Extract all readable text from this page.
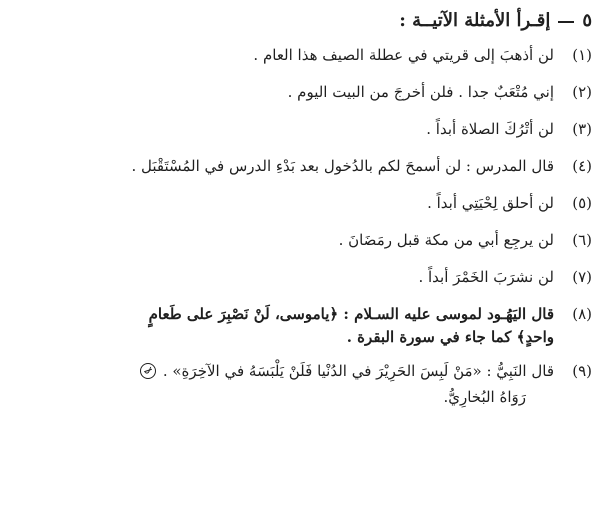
٥
إقـرأ الأمثلة الآتيــة :
(١)
لن أذهبَ إلى قريتي في عطلة الصيف هذا العام .
(٢)
إني مُتْعَبٌ جدا . فلن أخرجَ من البيت اليوم .
(٣)
لن أتْرُكَ الصلاة أبداً .
(٤)
قال المدرس : لن أسمحَ لكم بالدُخول بعد بَدْءِ الدرس في المُسْتَقْبَل .
(٥)
لن أحلق لِحْيَتِي أبداً .
(٦)
لن يرجِع أبي من مكة قبل رمَضَانَ .
(٧)
لن نشرَبَ الخَمْرَ أبداً .
(٨)
قال اليَهُـود لموسى عليه السـلام : ﴿ياموسى، لَنْ نَصْبِرَ على طَعامٍ
واحدٍ﴾ كما جاء في سورة البقرة .
(٩)
قال النَبِيُّ : «مَنْ لَبِسَ الحَرِيْرَ في الدُنْيا فَلَنْ يَلْبَسَهُ في الآخِرَةِ» .
رَوَاهُ البُخارِيُّ.
